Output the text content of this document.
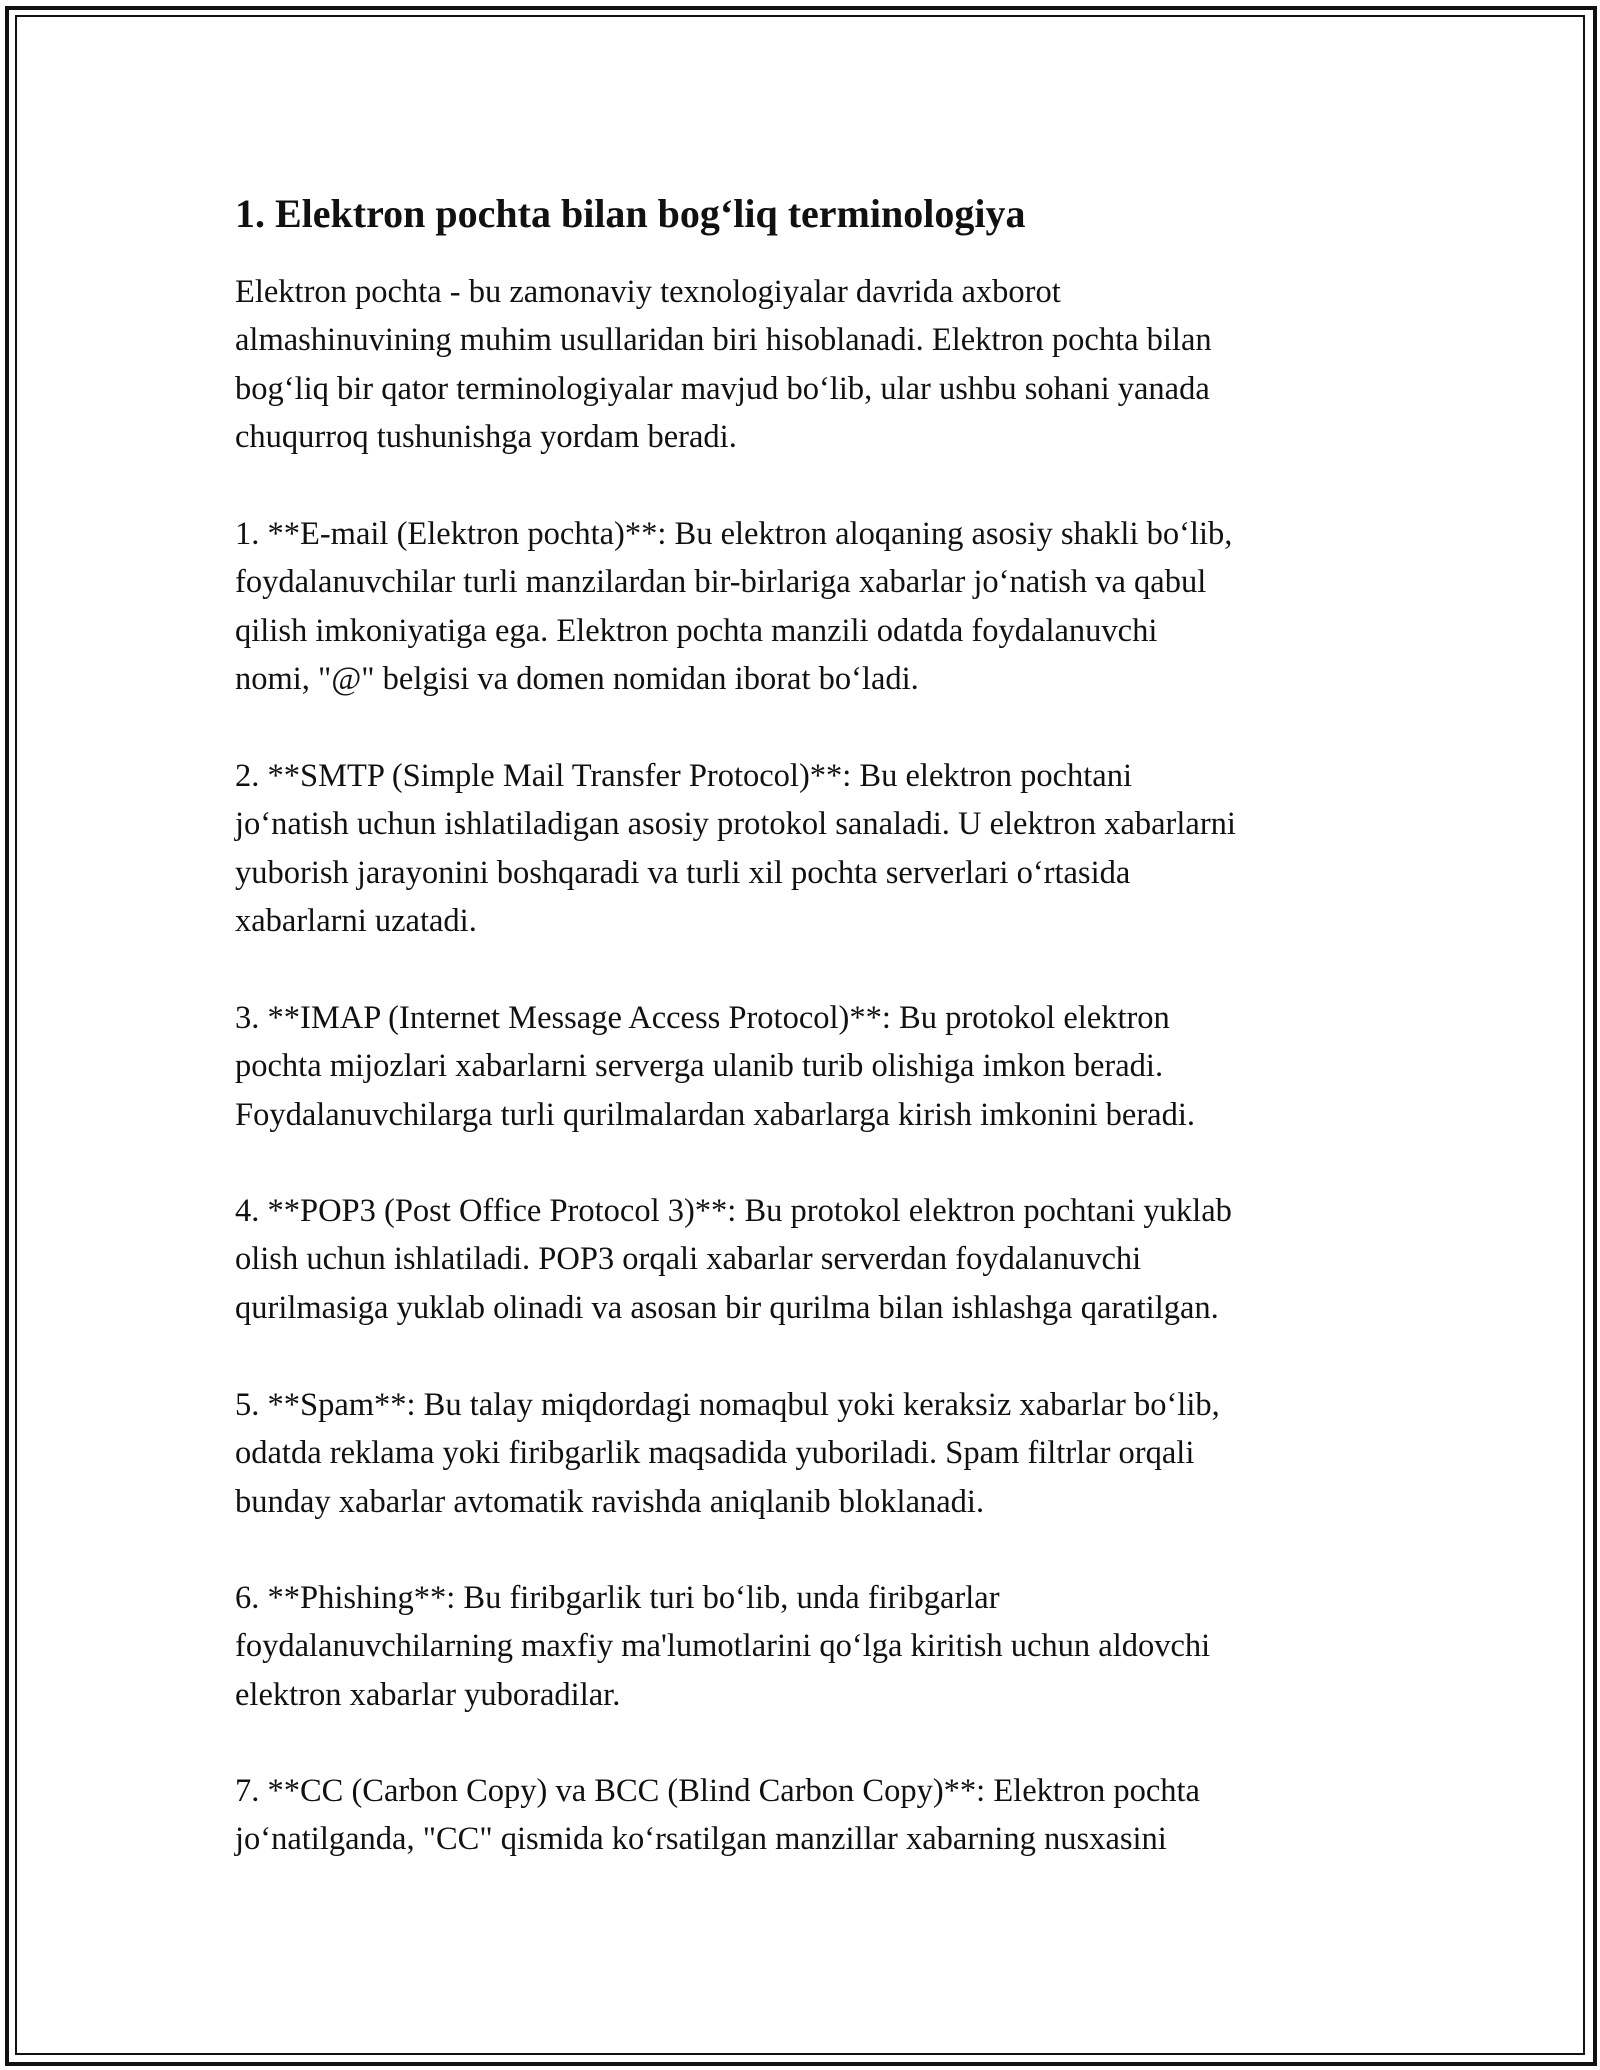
1. Elektron pochta bilan bog‘liq terminologiya

Elektron pochta - bu zamonaviy texnologiyalar davrida axborot
almashinuvining muhim usullaridan biri hisoblanadi. Elektron pochta bilan
bog‘liq bir qator terminologiyalar mavjud bo‘lib, ular ushbu sohani yanada
chuqurroq tushunishga yordam beradi.

1. **E-mail (Elektron pochta)**: Bu elektron aloqaning asosiy shakli bo‘lib,
foydalanuvchilar turli manzilardan bir-birlariga xabarlar jo‘natish va qabul
qilish imkoniyatiga ega. Elektron pochta manzili odatda foydalanuvchi
nomi, "@" belgisi va domen nomidan iborat bo‘ladi.

2. **SMTP (Simple Mail Transfer Protocol)**: Bu elektron pochtani
jo‘natish uchun ishlatiladigan asosiy protokol sanaladi. U elektron xabarlarni
yuborish jarayonini boshqaradi va turli xil pochta serverlari o‘rtasida
xabarlarni uzatadi.

3. **IMAP (Internet Message Access Protocol)**: Bu protokol elektron
pochta mijozlari xabarlarni serverga ulanib turib olishiga imkon beradi.
Foydalanuvchilarga turli qurilmalardan xabarlarga kirish imkonini beradi.

4. **POP3 (Post Office Protocol 3)**: Bu protokol elektron pochtani yuklab
olish uchun ishlatiladi. POP3 orqali xabarlar serverdan foydalanuvchi
qurilmasiga yuklab olinadi va asosan bir qurilma bilan ishlashga qaratilgan.

5. **Spam**: Bu talay miqdordagi nomaqbul yoki keraksiz xabarlar bo‘lib,
odatda reklama yoki firibgarlik maqsadida yuboriladi. Spam filtrlar orqali
bunday xabarlar avtomatik ravishda aniqlanib bloklanadi.

6. **Phishing**: Bu firibgarlik turi bo‘lib, unda firibgarlar
foydalanuvchilarning maxfiy ma'lumotlarini qo‘lga kiritish uchun aldovchi
elektron xabarlar yuboradilar.

7. **CC (Carbon Copy) va BCC (Blind Carbon Copy)**: Elektron pochta
jo‘natilganda, "CC" qismida ko‘rsatilgan manzillar xabarning nusxasini
